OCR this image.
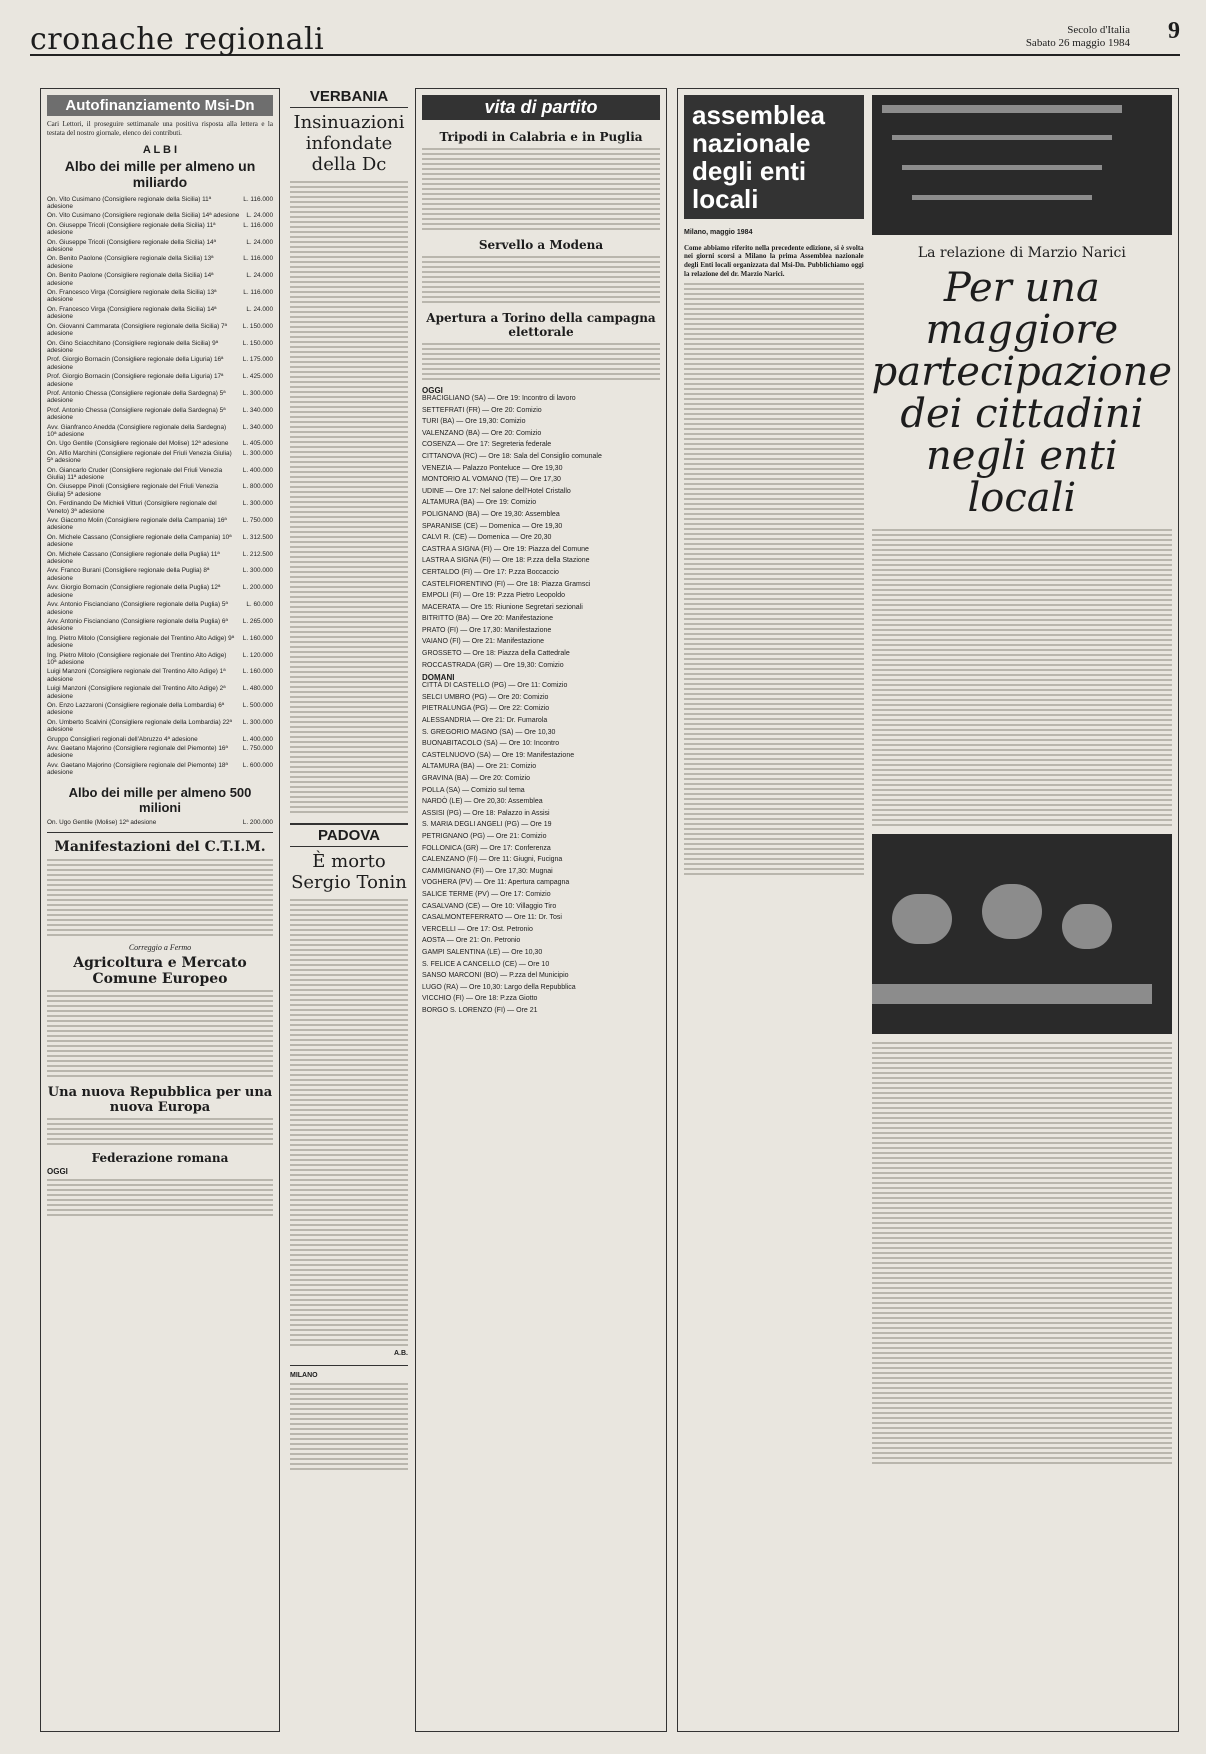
cronache regionali	Secolo d'Italia
Sabato 26 maggio 1984 9
Autofinanziamento Msi-Dn
Cari Lettori, il proseguire settimanale una positiva risposta alla lettera e la testata del nostro giornale, elenco dei contributi.
A L B I
Albo dei mille per almeno un miliardo
On. Vito Cusimano (Consigliere regionale della Sicilia) 11ª adesione
L. 116.000
On. Vito Cusimano (Consigliere regionale della Sicilia) 14ª adesione	L. 24.000
On. Giuseppe Tricoli (Consigliere regionale della Sicilia) 11ª adesione
L. 116.000
On. Giuseppe Tricoli (Consigliere regionale della Sicilia) 14ª adesione
L. 24.000
On. Benito Paolone (Consigliere regionale della Sicilia) 13ª adesione
L. 116.000
On. Benito Paolone (Consigliere regionale della Sicilia) 14ª adesione
L. 24.000
On. Francesco Virga (Consigliere regionale della Sicilia) 13ª adesione
L. 116.000
On. Francesco Virga (Consigliere regionale della Sicilia) 14ª adesione
L. 24.000
On. Giovanni Cammarata (Consigliere regionale della Sicilia) 7ª adesione
L. 150.000
On. Gino Sciacchitano (Consigliere regionale della Sicilia) 9ª adesione
L. 150.000
Prof. Giorgio Bornacin (Consigliere regionale della Liguria) 16ª adesione
L. 175.000
Prof. Giorgio Bornacin (Consigliere regionale della Liguria) 17ª adesione
L. 425.000
Prof. Antonio Chessa (Consigliere regionale della Sardegna) 5ª adesione
L. 300.000
Prof. Antonio Chessa (Consigliere regionale della Sardegna) 5ª adesione
L. 340.000
Avv. Gianfranco Anedda (Consigliere regionale della Sardegna) 10ª adesione
L. 340.000
On. Ugo Gentile (Consigliere regionale del Molise) 12ª adesione	L. 405.000
On. Alfio Marchini (Consigliere regionale del Friuli Venezia Giulia) 5ª adesione
L. 300.000
On. Giancarlo Cruder (Consigliere regionale del Friuli Venezia Giulia) 11ª adesione
L. 400.000
On. Giuseppe Pinoli (Consigliere regionale del Friuli Venezia Giulia) 5ª adesione
L. 800.000
On. Ferdinando De Michieli Vitturi (Consigliere regionale del Veneto) 3ª adesione
L. 300.000
Avv. Giacomo Molin (Consigliere regionale della Campania) 16ª adesione
L. 750.000
On. Michele Cassano (Consigliere regionale della Campania) 10ª adesione
L. 312.500
On. Michele Cassano (Consigliere regionale della Puglia) 11ª adesione
L. 212.500
Avv. Franco Burani (Consigliere regionale della Puglia) 8ª adesione
L. 300.000
Avv. Giorgio Bornacin (Consigliere regionale della Puglia) 12ª adesione
L. 200.000
Avv. Antonio Fiscianciano (Consigliere regionale della Puglia) 5ª adesione
L. 60.000
Avv. Antonio Fiscianciano (Consigliere regionale della Puglia) 6ª adesione
L. 265.000
Ing. Pietro Mitolo (Consigliere regionale del Trentino Alto Adige) 9ª adesione
L. 160.000
Ing. Pietro Mitolo (Consigliere regionale del Trentino Alto Adige) 10ª adesione
L. 120.000
Luigi Manzoni (Consigliere regionale del Trentino Alto Adige) 1ª adesione
L. 160.000
Luigi Manzoni (Consigliere regionale del Trentino Alto Adige) 2ª adesione
L. 480.000
On. Enzo Lazzaroni (Consigliere regionale della Lombardia) 6ª adesione
L. 500.000
On. Umberto Scalvini (Consigliere regionale della Lombardia) 22ª adesione
L. 300.000
Gruppo Consiglieri regionali dell'Abruzzo 4ª adesione	L. 400.000
Avv. Gaetano Majorino (Consigliere regionale del Piemonte) 16ª adesione
L. 750.000
Avv. Gaetano Majorino (Consigliere regionale del Piemonte) 18ª adesione
L. 600.000
Albo dei mille per almeno 500 milioni
On. Ugo Gentile (Molise) 12ª adesione	L. 200.000
Manifestazioni del C.T.I.M.
Correggio a Fermo
Agricoltura e Mercato Comune Europeo
Una nuova Repubblica per una nuova Europa
Federazione romana
OGGI
VERBANIA
Insinuazioni infondate della Dc
PADOVA
È morto Sergio Tonin
A.B.
MILANO
vita di partito
Tripodi in Calabria e in Puglia
Servello a Modena
Apertura a Torino della campagna elettorale
OGGI
BRACIGLIANO (SA) — Ore 19: Incontro di lavoro
SETTEFRATI (FR) — Ore 20: Comizio
TURI (BA) — Ore 19,30: Comizio
VALENZANO (BA) — Ore 20: Comizio
COSENZA — Ore 17: Segreteria federale
CITTANOVA (RC) — Ore 18: Sala del Consiglio comunale
VENEZIA — Palazzo Ponteluce — Ore 19,30
MONTORIO AL VOMANO (TE) — Ore 17,30
UDINE — Ore 17: Nel salone dell'Hotel Cristallo
ALTAMURA (BA) — Ore 19: Comizio
POLIGNANO (BA) — Ore 19,30: Assemblea
SPARANISE (CE) — Domenica — Ore 19,30
CALVI R. (CE) — Domenica — Ore 20,30
CASTRA A SIGNA (FI) — Ore 19: Piazza del Comune
LASTRA A SIGNA (FI) — Ore 18: P.zza della Stazione
CERTALDO (FI) — Ore 17: P.zza Boccaccio
CASTELFIORENTINO (FI) — Ore 18: Piazza Gramsci
EMPOLI (FI) — Ore 19: P.zza Pietro Leopoldo
MACERATA — Ore 15: Riunione Segretari sezionali
BITRITTO (BA) — Ore 20: Manifestazione
PRATO (FI) — Ore 17,30: Manifestazione
VAIANO (FI) — Ore 21: Manifestazione
GROSSETO — Ore 18: Piazza della Cattedrale
ROCCASTRADA (GR) — Ore 19,30: Comizio
DOMANI
CITTÀ DI CASTELLO (PG) — Ore 11: Comizio
SELCI UMBRO (PG) — Ore 20: Comizio
PIETRALUNGA (PG) — Ore 22: Comizio
ALESSANDRIA — Ore 21: Dr. Fumarola
S. GREGORIO MAGNO (SA) — Ore 10,30
BUONABITACOLO (SA) — Ore 10: Incontro
CASTELNUOVO (SA) — Ore 19: Manifestazione
ALTAMURA (BA) — Ore 21: Comizio
GRAVINA (BA) — Ore 20: Comizio
POLLA (SA) — Comizio sul tema
NARDÒ (LE) — Ore 20,30: Assemblea
ASSISI (PG) — Ore 18: Palazzo in Assisi
S. MARIA DEGLI ANGELI (PG) — Ore 19
PETRIGNANO (PG) — Ore 21: Comizio
FOLLONICA (GR) — Ore 17: Conferenza
CALENZANO (FI) — Ore 11: Giugni, Fucigna
CAMMIGNANO (FI) — Ore 17,30: Mugnai
VOGHERA (PV) — Ore 11: Apertura campagna
SALICE TERME (PV) — Ore 17: Comizio
CASALVANO (CE) — Ore 10: Villaggio Tiro
CASALMONTEFERRATO — Ore 11: Dr. Tosi
VERCELLI — Ore 17: Ost. Petronio
AOSTA — Ore 21: On. Petronio
GAMPI SALENTINA (LE) — Ore 10,30
S. FELICE A CANCELLO (CE) — Ore 10
SANSO MARCONI (BO) — P.zza del Municipio
LUGO (RA) — Ore 10,30: Largo della Repubblica
VICCHIO (FI) — Ore 18: P.zza Giotto
BORGO S. LORENZO (FI) — Ore 21
assemblea nazionale degli enti locali
Milano, maggio 1984
Come abbiamo riferito nella precedente edizione, si è svolta nei giorni scorsi a Milano la prima Assemblea nazionale degli Enti locali organizzata dal Msi-Dn. Pubblichiamo oggi la relazione del dr. Marzio Narici.
La relazione di Marzio Narici
Per una maggiore partecipazione dei cittadini negli enti locali
